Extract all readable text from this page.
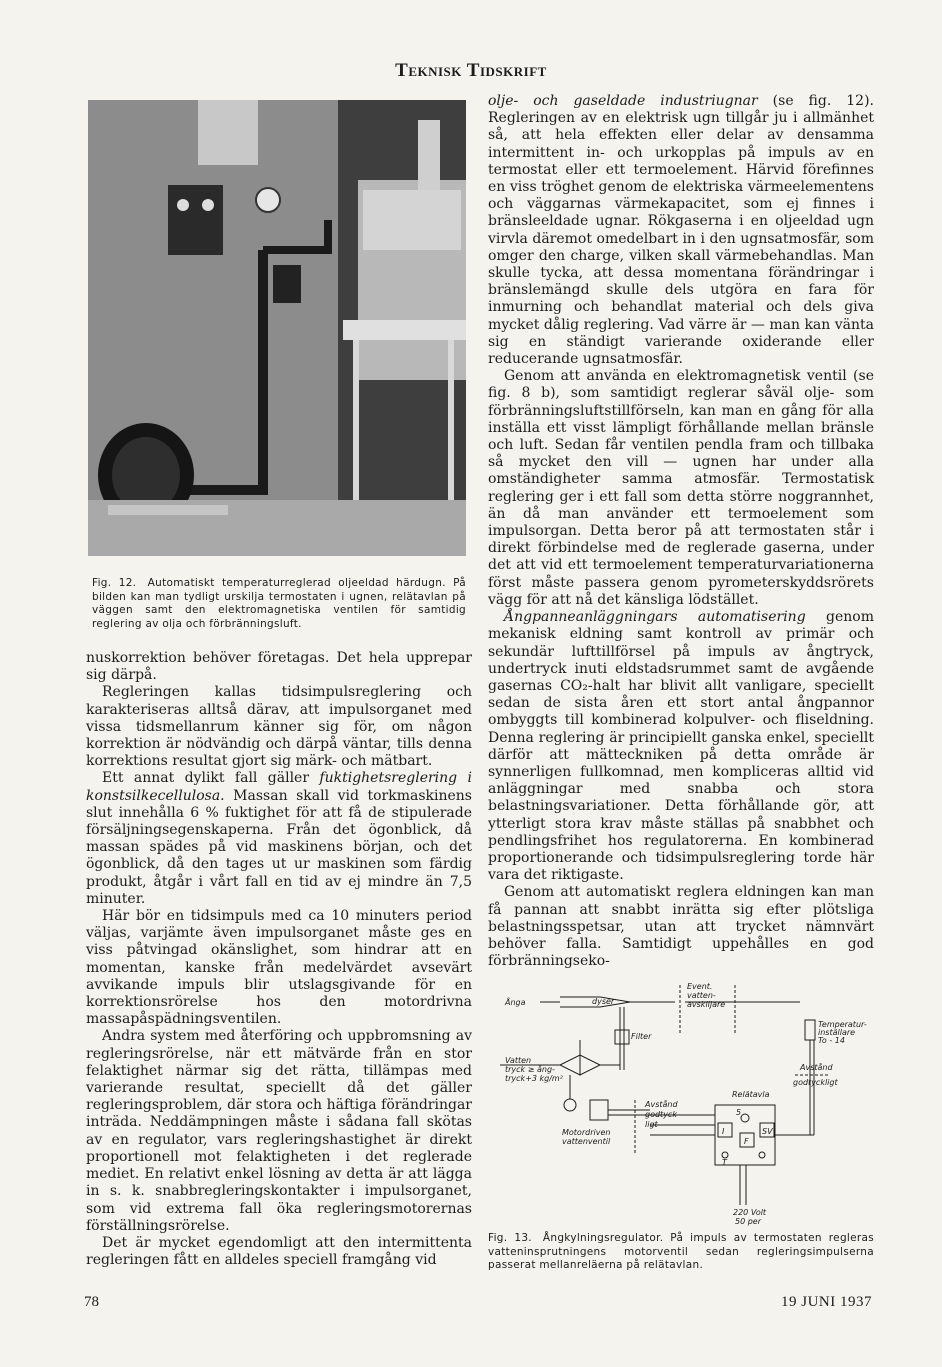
Teknisk Tidskrift
Fig. 12. Automatiskt temperaturreglerad oljeeldad härdugn. På bilden kan man tydligt urskilja termostaten i ugnen, relätavlan på väggen samt den elektromagnetiska ventilen för samtidig reglering av olja och förbränningsluft.

nuskorrektion behöver företagas. Det hela upprepar sig därpå.

Regleringen kallas tidsimpulsreglering och karakteriseras alltså därav, att impulsorganet med vissa tidsmellanrum känner sig för, om någon korrektion är nödvändig och därpå väntar, tills denna korrektions resultat gjort sig märk- och mätbart.

Ett annat dylikt fall gäller fuktighetsreglering i konstsilkecellulosa. Massan skall vid torkmaskinens slut innehålla 6 % fuktighet för att få de stipulerade försäljningsegenskaperna. Från det ögonblick, då massan spädes på vid maskinens början, och det ögonblick, då den tages ut ur maskinen som färdig produkt, åtgår i vårt fall en tid av ej mindre än 7,5 minuter.

Här bör en tidsimpuls med ca 10 minuters period väljas, varjämte även impulsorganet måste ges en viss påtvingad okänslighet, som hindrar att en momentan, kanske från medelvärdet avsevärt avvikande impuls blir utslagsgivande för en korrektionsrörelse hos den motordrivna massapåspädningsventilen.

Andra system med återföring och uppbromsning av regleringsrörelse, när ett mätvärde från en stor felaktighet närmar sig det rätta, tillämpas med varierande resultat, speciellt då det gäller regleringsproblem, där stora och häftiga förändringar inträda. Neddämpningen måste i sådana fall skötas av en regulator, vars regleringshastighet är direkt proportionell mot felaktigheten i det reglerade mediet. En relativt enkel lösning av detta är att lägga in s. k. snabbregleringskontakter i impulsorganet, som vid extrema fall öka regleringsmotorernas förställningsrörelse.

Det är mycket egendomligt att den intermittenta regleringen fått en alldeles speciell framgång vid

olje- och gaseldade industriugnar (se fig. 12). Regleringen av en elektrisk ugn tillgår ju i allmänhet så, att hela effekten eller delar av densamma intermittent in- och urkopplas på impuls av en termostat eller ett termoelement. Härvid förefinnes en viss tröghet genom de elektriska värmeelementens och väggarnas värmekapacitet, som ej finnes i bränsleeldade ugnar. Rökgaserna i en oljeeldad ugn virvla däremot omedelbart in i den ugnsatmosfär, som omger den charge, vilken skall värmebehandlas. Man skulle tycka, att dessa momentana förändringar i bränslemängd skulle dels utgöra en fara för inmurning och behandlat material och dels giva mycket dålig reglering. Vad värre är — man kan vänta sig en ständigt varierande oxiderande eller reducerande ugnsatmosfär.

Genom att använda en elektromagnetisk ventil (se fig. 8 b), som samtidigt reglerar såväl olje- som förbränningsluftstillförseln, kan man en gång för alla inställa ett visst lämpligt förhållande mellan bränsle och luft. Sedan får ventilen pendla fram och tillbaka så mycket den vill — ugnen har under alla omständigheter samma atmosfär. Termostatisk reglering ger i ett fall som detta större noggrannhet, än då man använder ett termoelement som impulsorgan. Detta beror på att termostaten står i direkt förbindelse med de reglerade gaserna, under det att vid ett termoelement temperaturvariationerna först måste passera genom pyrometerskyddsrörets vägg för att nå det känsliga lödstället.

Ångpanneanläggningars automatisering genom mekanisk eldning samt kontroll av primär och sekundär lufttillförsel på impuls av ångtryck, undertryck inuti eldstadsrummet samt de avgående gasernas CO₂-halt har blivit allt vanligare, speciellt sedan de sista åren ett stort antal ångpannor ombyggts till kombinerad kolpulver- och fliseldning. Denna reglering är principiellt ganska enkel, speciellt därför att mätteckniken på detta område är synnerligen fullkomnad, men kompliceras alltid vid anläggningar med snabba och stora belastningsvariationer. Detta förhållande gör, att ytterligt stora krav måste ställas på snabbhet och pendlingsfrihet hos regulatorerna. En kombinerad proportionerande och tidsimpulsreglering torde här vara det riktigaste.

Genom att automatiskt reglera eldningen kan man få pannan att snabbt inrätta sig efter plötsliga belastningsspetsar, utan att trycket nämnvärt behöver falla. Samtidigt uppehålles en god förbränningseko-

Ånga	dyser
Event.
vatten-
avskiljare
Filter
Vatten
tryck ≥ ång-
tryck+3 kg/m²
Temperatur-
inställare
To - 14
Avstånd
godtyckligt
Avstånd
godtyck-
ligt
Relätavla
Motordriven
vattenventil
220 Volt
50 per
I
F
SV
5
T
Fig. 13. Ångkylningsregulator. På impuls av termostaten regleras vatteninsprutningens motorventil sedan regleringsimpulserna passerat mellanreläerna på relätavlan.
78	19 JUNI 1937
